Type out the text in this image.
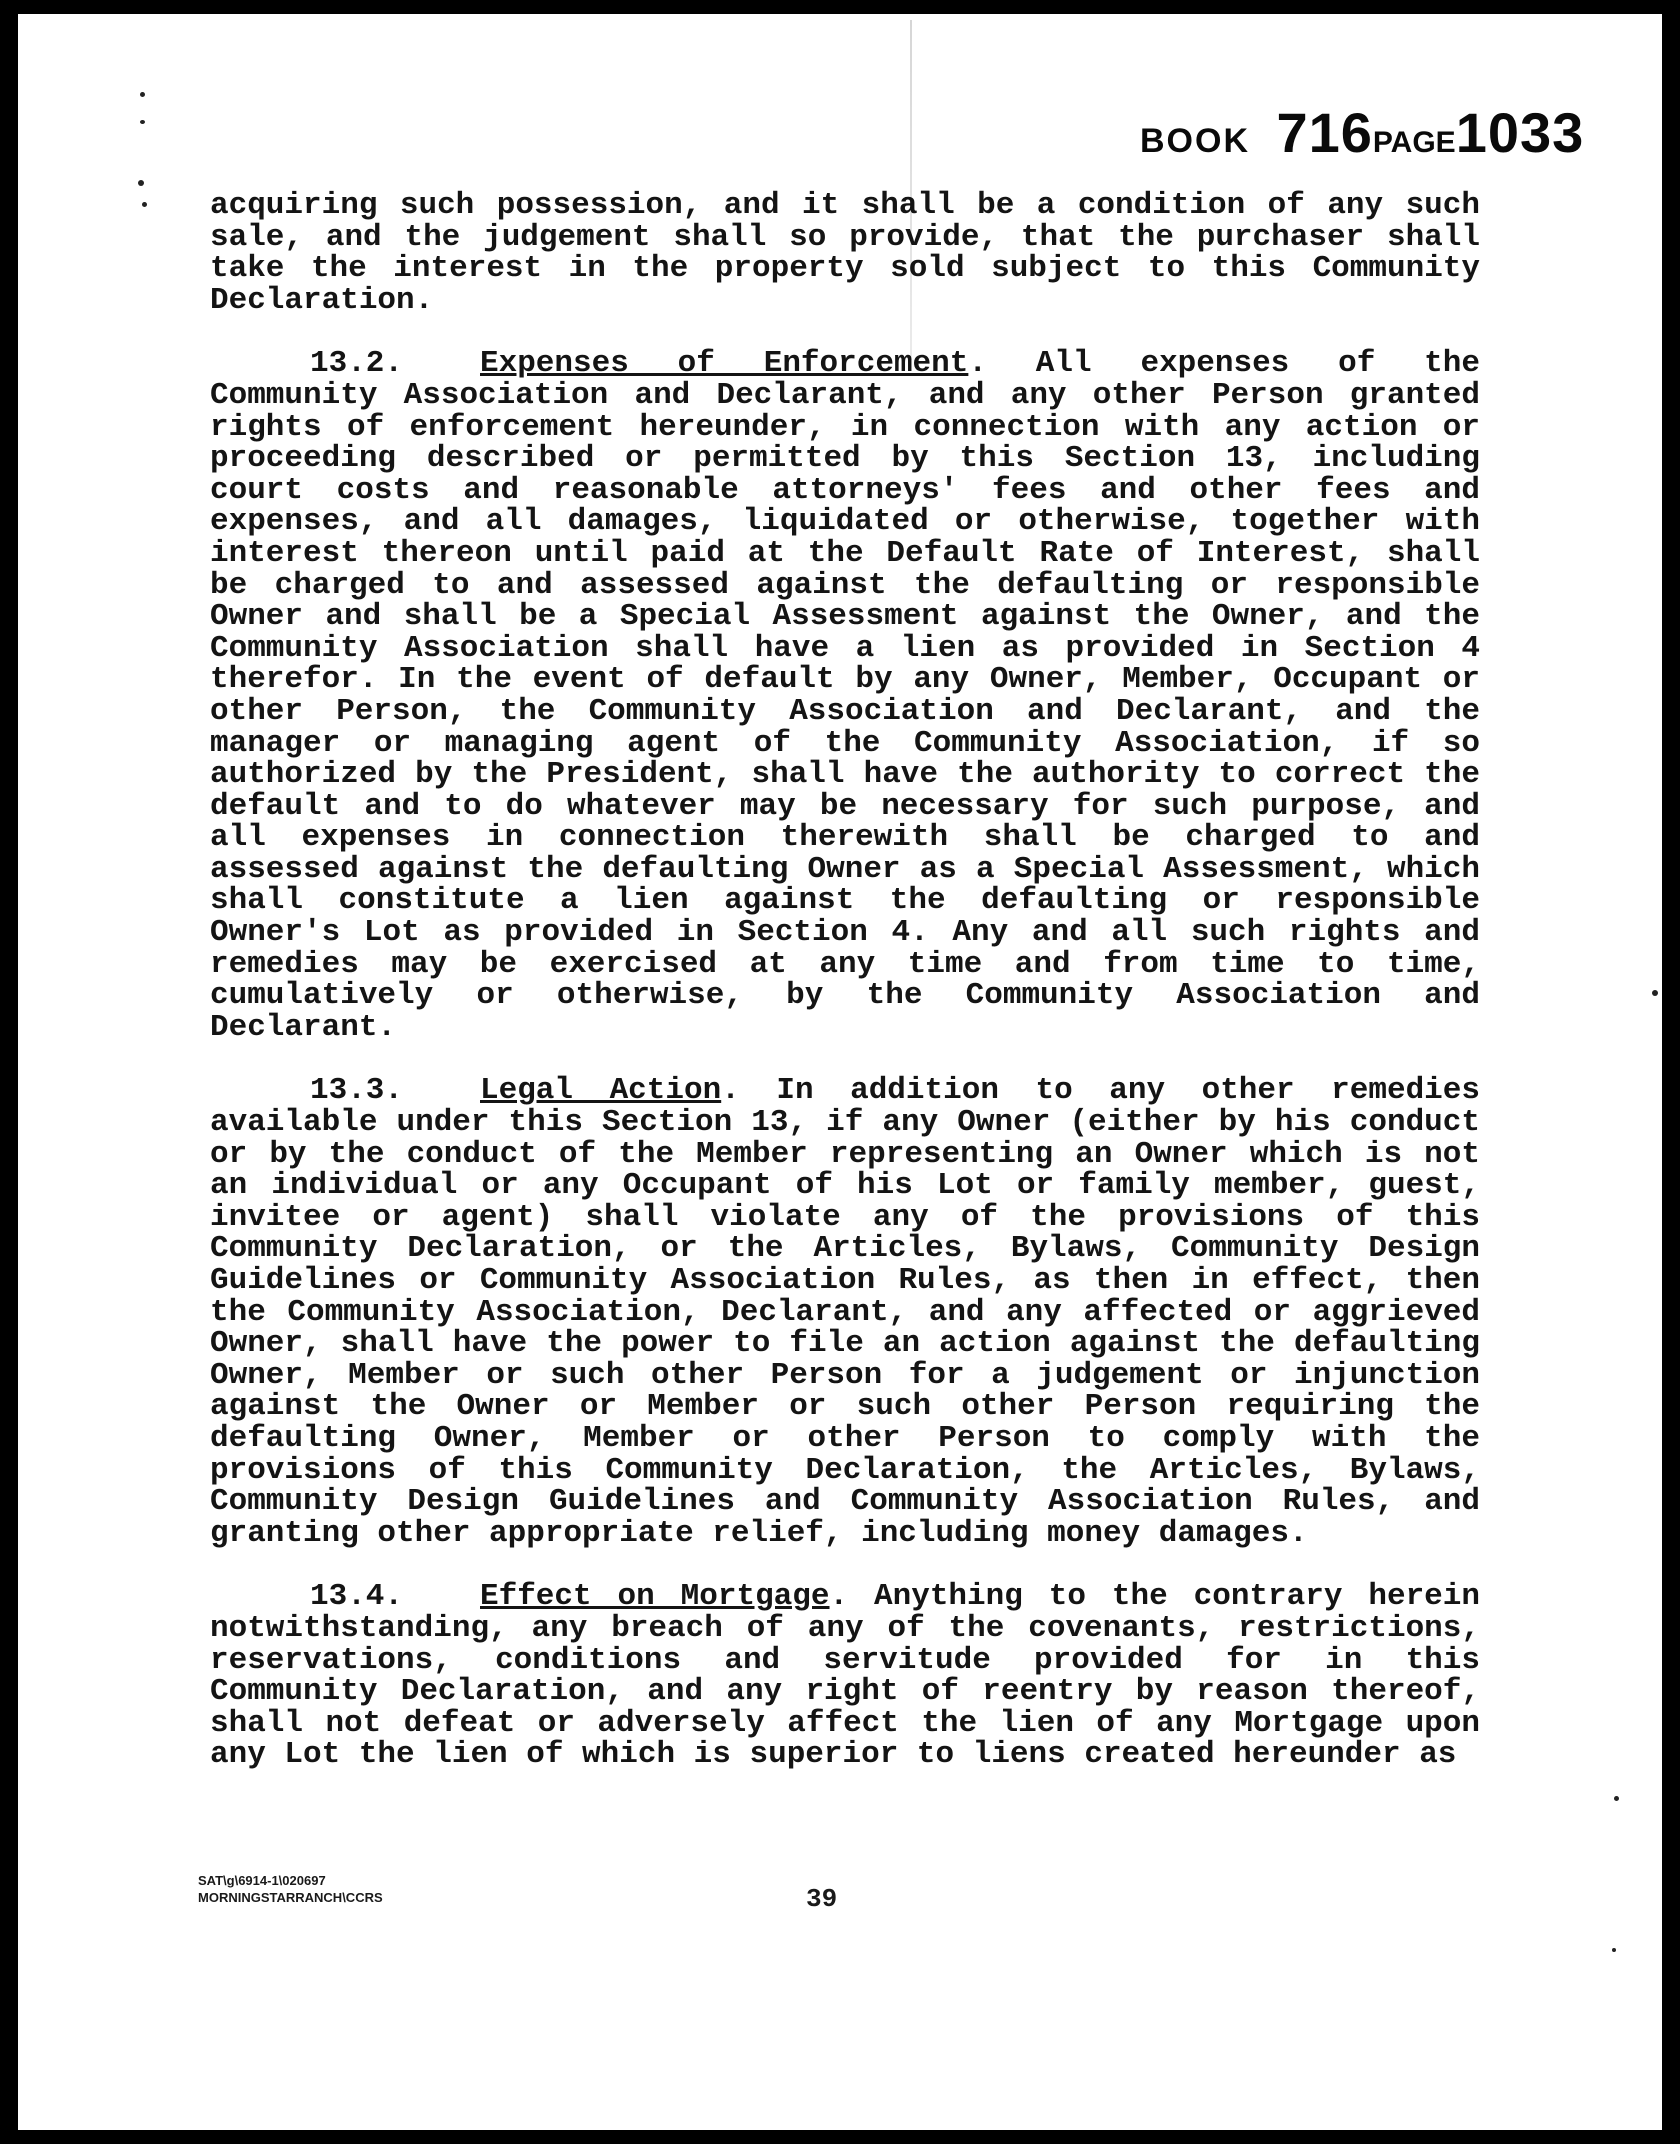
BOOK 716PAGE1033

acquiring such possession, and it shall be a condition of any such sale, and the judgement shall so provide, that the purchaser shall take the interest in the property sold subject to this Community Declaration.

13.2. Expenses of Enforcement. All expenses of the Community Association and Declarant, and any other Person granted rights of enforcement hereunder, in connection with any action or proceeding described or permitted by this Section 13, including court costs and reasonable attorneys' fees and other fees and expenses, and all damages, liquidated or otherwise, together with interest thereon until paid at the Default Rate of Interest, shall be charged to and assessed against the defaulting or responsible Owner and shall be a Special Assessment against the Owner, and the Community Association shall have a lien as provided in Section 4 therefor. In the event of default by any Owner, Member, Occupant or other Person, the Community Association and Declarant, and the manager or managing agent of the Community Association, if so authorized by the President, shall have the authority to correct the default and to do whatever may be necessary for such purpose, and all expenses in connection therewith shall be charged to and assessed against the defaulting Owner as a Special Assessment, which shall constitute a lien against the defaulting or responsible Owner's Lot as provided in Section 4. Any and all such rights and remedies may be exercised at any time and from time to time, cumulatively or otherwise, by the Community Association and Declarant.

13.3. Legal Action. In addition to any other remedies available under this Section 13, if any Owner (either by his conduct or by the conduct of the Member representing an Owner which is not an individual or any Occupant of his Lot or family member, guest, invitee or agent) shall violate any of the provisions of this Community Declaration, or the Articles, Bylaws, Community Design Guidelines or Community Association Rules, as then in effect, then the Community Association, Declarant, and any affected or aggrieved Owner, shall have the power to file an action against the defaulting Owner, Member or such other Person for a judgement or injunction against the Owner or Member or such other Person requiring the defaulting Owner, Member or other Person to comply with the provisions of this Community Declaration, the Articles, Bylaws, Community Design Guidelines and Community Association Rules, and granting other appropriate relief, including money damages.

13.4. Effect on Mortgage. Anything to the contrary herein notwithstanding, any breach of any of the covenants, restrictions, reservations, conditions and servitude provided for in this Community Declaration, and any right of reentry by reason thereof, shall not defeat or adversely affect the lien of any Mortgage upon any Lot the lien of which is superior to liens created hereunder as

SAT\g\6914-1\020697
MORNINGSTARRANCH\CCRS	39
